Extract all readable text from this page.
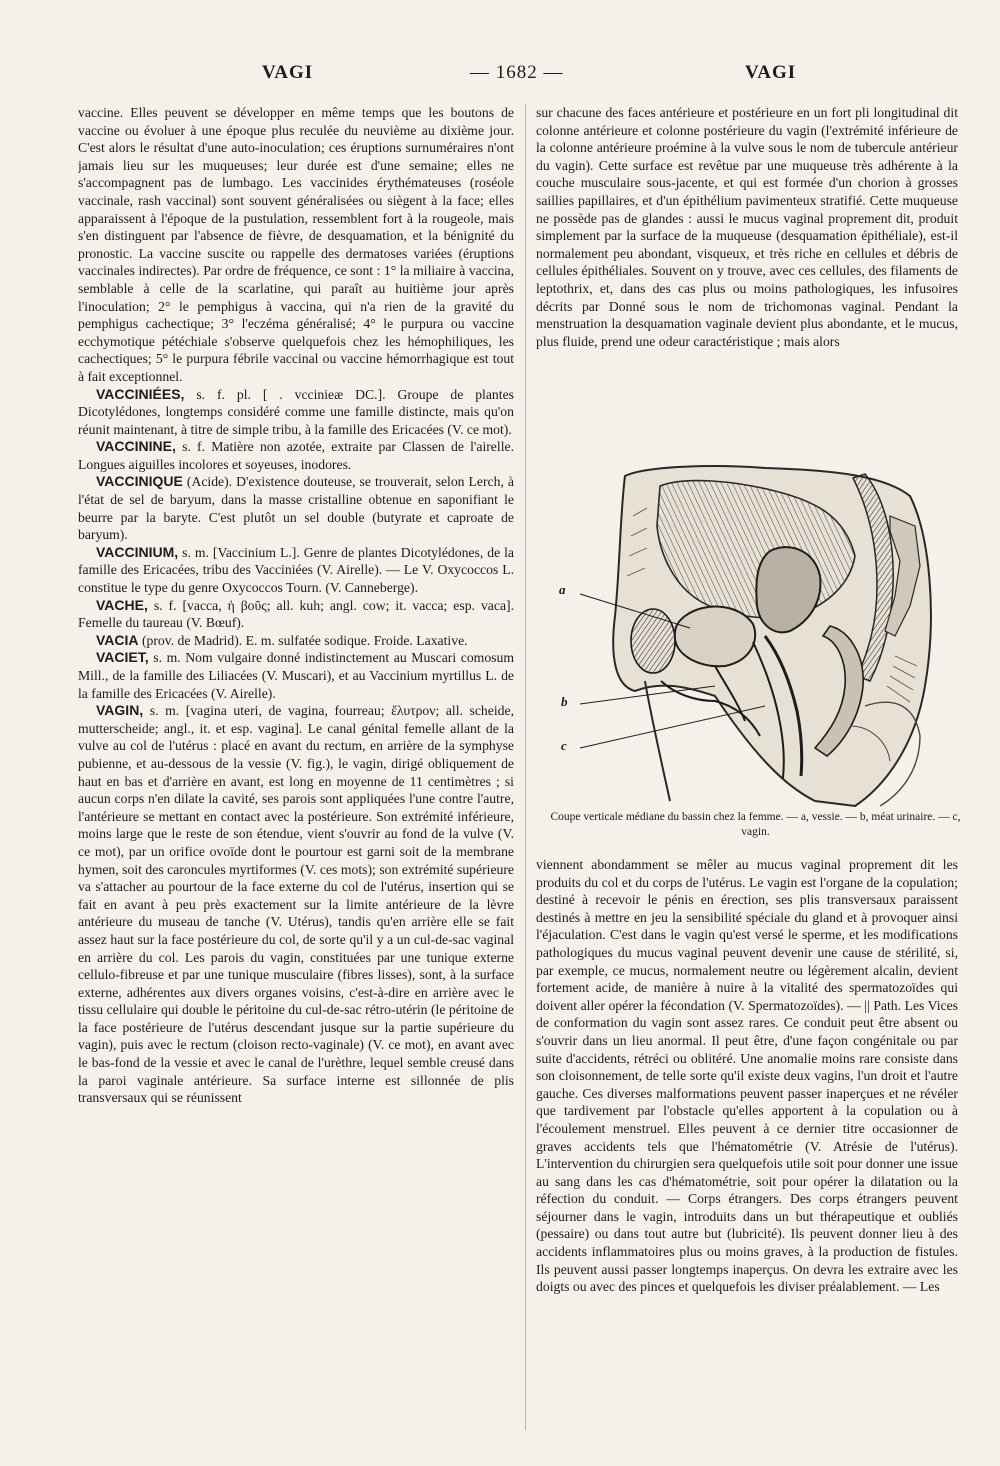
VAGI	— 1682 —	VAGI

vaccine. Elles peuvent se développer en même temps que les boutons de vaccine ou évoluer à une époque plus reculée du neuvième au dixième jour. C'est alors le résultat d'une auto-inoculation; ces éruptions surnuméraires n'ont jamais lieu sur les muqueuses; leur durée est d'une semaine; elles ne s'accompagnent pas de lumbago. Les vaccinides érythémateuses (roséole vaccinale, rash vaccinal) sont souvent généralisées ou siègent à la face; elles apparaissent à l'époque de la pustulation, ressemblent fort à la rougeole, mais s'en distinguent par l'absence de fièvre, de desquamation, et la bénignité du pronostic. La vaccine suscite ou rappelle des dermatoses variées (éruptions vaccinales indirectes). Par ordre de fréquence, ce sont : 1° la miliaire à vaccina, semblable à celle de la scarlatine, qui paraît au huitième jour après l'inoculation; 2° le pemphigus à vaccina, qui n'a rien de la gravité du pemphigus cachectique; 3° l'eczéma généralisé; 4° le purpura ou vaccine ecchymotique pétéchiale s'observe quelquefois chez les hémophiliques, les cachectiques; 5° le purpura fébrile vaccinal ou vaccine hémorrhagique est tout à fait exceptionnel.

VACCINIÉES, s. f. pl. [ . vccinieæ DC.]. Groupe de plantes Dicotylédones, longtemps considéré comme une famille distincte, mais qu'on réunit maintenant, à titre de simple tribu, à la famille des Ericacées (V. ce mot).

VACCININE, s. f. Matière non azotée, extraite par Classen de l'airelle. Longues aiguilles incolores et soyeuses, inodores.

VACCINIQUE (Acide). D'existence douteuse, se trouverait, selon Lerch, à l'état de sel de baryum, dans la masse cristalline obtenue en saponifiant le beurre par la baryte. C'est plutôt un sel double (butyrate et caproate de baryum).

VACCINIUM, s. m. [Vaccinium L.]. Genre de plantes Dicotylédones, de la famille des Ericacées, tribu des Vacciniées (V. Airelle). — Le V. Oxycoccos L. constitue le type du genre Oxycoccos Tourn. (V. Canneberge).

VACHE, s. f. [vacca, ἡ βοῦς; all. kuh; angl. cow; it. vacca; esp. vaca]. Femelle du taureau (V. Bœuf).

VACIA (prov. de Madrid). E. m. sulfatée sodique. Froide. Laxative.

VACIET, s. m. Nom vulgaire donné indistinctement au Muscari comosum Mill., de la famille des Liliacées (V. Muscari), et au Vaccinium myrtillus L. de la famille des Ericacées (V. Airelle).

VAGIN, s. m. [vagina uteri, de vagina, fourreau; ἔλυτρον; all. scheide, mutterscheide; angl., it. et esp. vagina]. Le canal génital femelle allant de la vulve au col de l'utérus : placé en avant du rectum, en arrière de la symphyse pubienne, et au-dessous de la vessie (V. fig.), le vagin, dirigé obliquement de haut en bas et d'arrière en avant, est long en moyenne de 11 centimètres ; si aucun corps n'en dilate la cavité, ses parois sont appliquées l'une contre l'autre, l'antérieure se mettant en contact avec la postérieure. Son extrémité inférieure, moins large que le reste de son étendue, vient s'ouvrir au fond de la vulve (V. ce mot), par un orifice ovoïde dont le pourtour est garni soit de la membrane hymen, soit des caroncules myrtiformes (V. ces mots); son extrémité supérieure va s'attacher au pourtour de la face externe du col de l'utérus, insertion qui se fait en avant à peu près exactement sur la limite antérieure de la lèvre antérieure du museau de tanche (V. Utérus), tandis qu'en arrière elle se fait assez haut sur la face postérieure du col, de sorte qu'il y a un cul-de-sac vaginal en arrière du col. Les parois du vagin, constituées par une tunique externe cellulo-fibreuse et par une tunique musculaire (fibres lisses), sont, à la surface externe, adhérentes aux divers organes voisins, c'est-à-dire en arrière avec le tissu cellulaire qui double le péritoine du cul-de-sac rétro-utérin (le péritoine de la face postérieure de l'utérus descendant jusque sur la partie supérieure du vagin), puis avec le rectum (cloison recto-vaginale) (V. ce mot), en avant avec le bas-fond de la vessie et avec le canal de l'urèthre, lequel semble creusé dans la paroi vaginale antérieure. Sa surface interne est sillonnée de plis transversaux qui se réunissent

sur chacune des faces antérieure et postérieure en un fort pli longitudinal dit colonne antérieure et colonne postérieure du vagin (l'extrémité inférieure de la colonne antérieure proémine à la vulve sous le nom de tubercule antérieur du vagin). Cette surface est revêtue par une muqueuse très adhérente à la couche musculaire sous-jacente, et qui est formée d'un chorion à grosses saillies papillaires, et d'un épithélium pavimenteux stratifié. Cette muqueuse ne possède pas de glandes : aussi le mucus vaginal proprement dit, produit simplement par la surface de la muqueuse (desquamation épithéliale), est-il normalement peu abondant, visqueux, et très riche en cellules et débris de cellules épithéliales. Souvent on y trouve, avec ces cellules, des filaments de leptothrix, et, dans des cas plus ou moins pathologiques, les infusoires décrits par Donné sous le nom de trichomonas vaginal. Pendant la menstruation la desquamation vaginale devient plus abondante, et le mucus, plus fluide, prend une odeur caractéristique ; mais alors

a
b
c
Coupe verticale médiane du bassin chez la femme. — a, vessie. — b, méat urinaire. — c, vagin.

viennent abondamment se mêler au mucus vaginal proprement dit les produits du col et du corps de l'utérus. Le vagin est l'organe de la copulation; destiné à recevoir le pénis en érection, ses plis transversaux paraissent destinés à mettre en jeu la sensibilité spéciale du gland et à provoquer ainsi l'éjaculation. C'est dans le vagin qu'est versé le sperme, et les modifications pathologiques du mucus vaginal peuvent devenir une cause de stérilité, si, par exemple, ce mucus, normalement neutre ou légèrement alcalin, devient fortement acide, de manière à nuire à la vitalité des spermatozoïdes qui doivent aller opérer la fécondation (V. Spermatozoïdes). — || Path. Les Vices de conformation du vagin sont assez rares. Ce conduit peut être absent ou s'ouvrir dans un lieu anormal. Il peut être, d'une façon congénitale ou par suite d'accidents, rétréci ou oblitéré. Une anomalie moins rare consiste dans son cloisonnement, de telle sorte qu'il existe deux vagins, l'un droit et l'autre gauche. Ces diverses malformations peuvent passer inaperçues et ne révéler que tardivement par l'obstacle qu'elles apportent à la copulation ou à l'écoulement menstruel. Elles peuvent à ce dernier titre occasionner de graves accidents tels que l'hématométrie (V. Atrésie de l'utérus). L'intervention du chirurgien sera quelquefois utile soit pour donner une issue au sang dans les cas d'hématométrie, soit pour opérer la dilatation ou la réfection du conduit. — Corps étrangers. Des corps étrangers peuvent séjourner dans le vagin, introduits dans un but thérapeutique et oubliés (pessaire) ou dans tout autre but (lubricité). Ils peuvent donner lieu à des accidents inflammatoires plus ou moins graves, à la production de fistules. Ils peuvent aussi passer longtemps inaperçus. On devra les extraire avec les doigts ou avec des pinces et quelquefois les diviser préalablement. — Les
